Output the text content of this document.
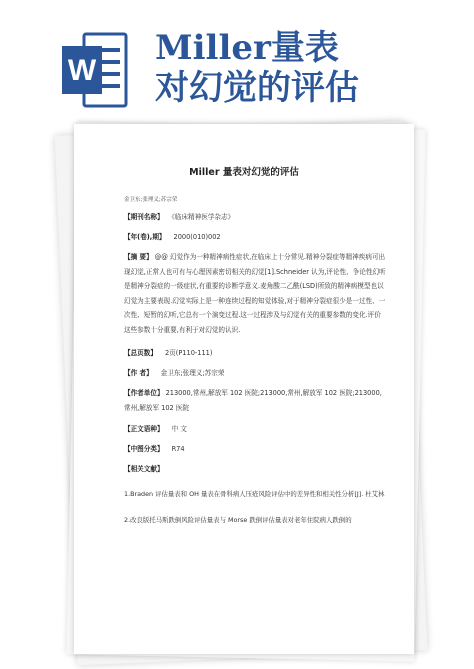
W
Miller量表
对幻觉的评估
Miller 量表对幻觉的评估
金卫东;张理义;苏宗荣
【期刊名称】 《临床精神医学杂志》
【年(卷),期】 2000(010)002
【摘 要】 @@ 幻觉作为一种精神病性症状,在临床上十分常见.精神分裂症等精神疾病可出现幻觉,正常人也可有与心理因素密切相关的幻觉[1].Schneider 认为,评论性、争论性幻听是精神分裂症的一级症状,有重要的诊断学意义.麦角酸二乙酰(LSD)所致的精神病模型也以幻觉为主要表现.幻觉实际上是一种连续过程的知觉体验,对于精神分裂症很少是一过性、一次性、短暂的幻听,它总有一个演变过程.这一过程涉及与幻觉有关的重要参数的变化.评价这些参数十分重要,有利于对幻觉的认识.
【总页数】 2页(P110-111)
【作 者】 金卫东;张理义;苏宗荣
【作者单位】 213000,常州,解放军 102 医院;213000,常州,解放军 102 医院;213000,常州,解放军 102 医院
【正文语种】 中 文
【中图分类】 R74
【相关文献】
1.Braden 评估量表和 OH 量表在骨科病人压疮风险评估中的差异性和相关性分析[J]. 杜艾林
2.改良版托马斯跌倒风险评估量表与 Morse 跌倒评估量表对老年住院病人跌倒的
